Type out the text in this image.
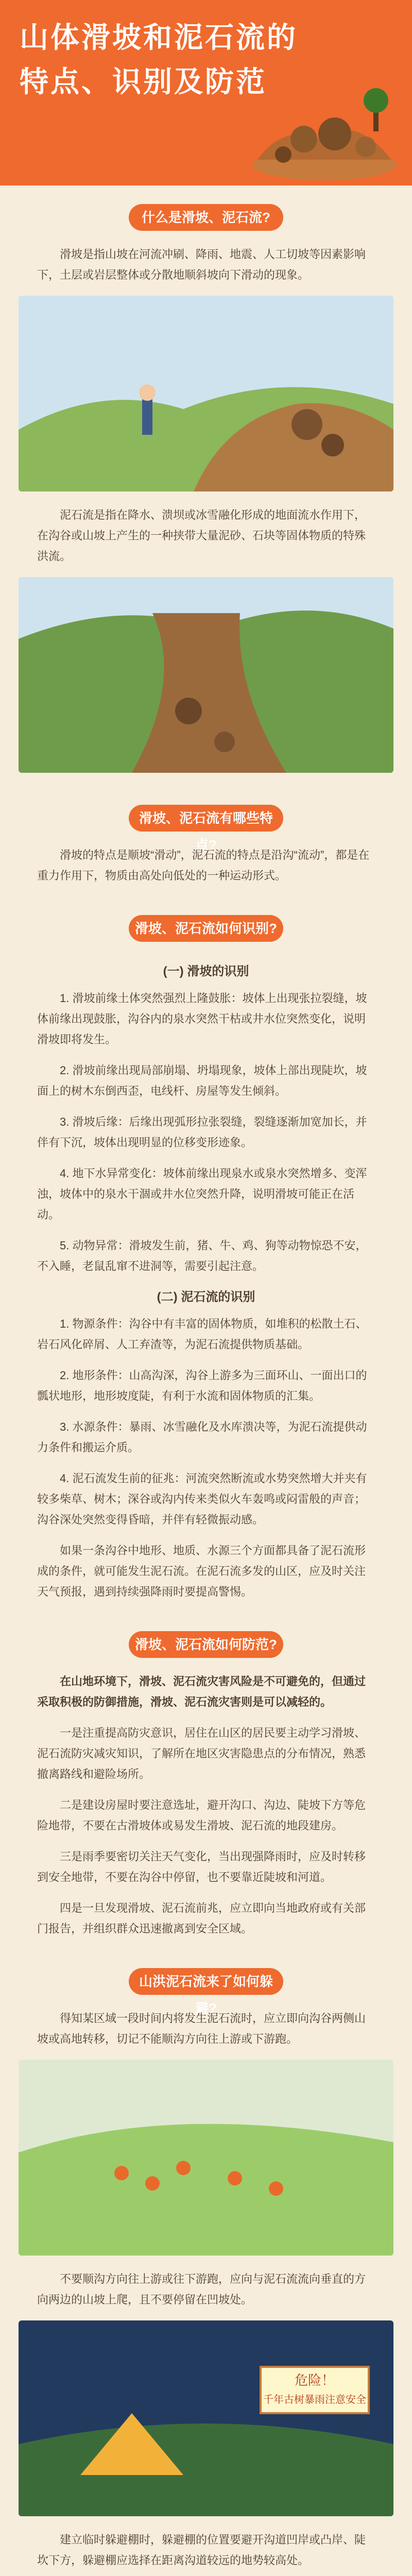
山体滑坡和泥石流的
特点、识别及防范
什么是滑坡、泥石流?

滑坡是指山坡在河流冲刷、降雨、地震、人工切坡等因素影响下，土层或岩层整体或分散地顺斜坡向下滑动的现象。

泥石流是指在降水、溃坝或冰雪融化形成的地面流水作用下，在沟谷或山坡上产生的一种挟带大量泥砂、石块等固体物质的特殊洪流。

滑坡、泥石流有哪些特点?

滑坡的特点是顺坡“滑动”，泥石流的特点是沿沟“流动”，都是在重力作用下，物质由高处向低处的一种运动形式。

滑坡、泥石流如何识别?
(一) 滑坡的识别

1. 滑坡前缘土体突然强烈上隆鼓胀：坡体上出现张拉裂缝，坡体前缘出现鼓胀，沟谷内的泉水突然干枯或井水位突然变化，说明滑坡即将发生。

2. 滑坡前缘出现局部崩塌、坍塌现象，坡体上部出现陡坎，坡面上的树木东倒西歪，电线杆、房屋等发生倾斜。

3. 滑坡后缘：后缘出现弧形拉张裂缝，裂缝逐渐加宽加长，并伴有下沉，坡体出现明显的位移变形迹象。

4. 地下水异常变化：坡体前缘出现泉水或泉水突然增多、变浑浊，坡体中的泉水干涸或井水位突然升降，说明滑坡可能正在活动。

5. 动物异常：滑坡发生前，猪、牛、鸡、狗等动物惊恐不安，不入睡，老鼠乱窜不进洞等，需要引起注意。

(二) 泥石流的识别

1. 物源条件：沟谷中有丰富的固体物质，如堆积的松散土石、岩石风化碎屑、人工弃渣等，为泥石流提供物质基础。

2. 地形条件：山高沟深，沟谷上游多为三面环山、一面出口的瓢状地形，地形坡度陡，有利于水流和固体物质的汇集。

3. 水源条件：暴雨、冰雪融化及水库溃决等，为泥石流提供动力条件和搬运介质。

4. 泥石流发生前的征兆：河流突然断流或水势突然增大并夹有较多柴草、树木；深谷或沟内传来类似火车轰鸣或闷雷般的声音；沟谷深处突然变得昏暗，并伴有轻微振动感。

如果一条沟谷中地形、地质、水源三个方面都具备了泥石流形成的条件，就可能发生泥石流。在泥石流多发的山区，应及时关注天气预报，遇到持续强降雨时要提高警惕。

滑坡、泥石流如何防范?

在山地环境下，滑坡、泥石流灾害风险是不可避免的，但通过采取积极的防御措施，滑坡、泥石流灾害则是可以减轻的。

一是注重提高防灾意识，居住在山区的居民要主动学习滑坡、泥石流防灾减灾知识，了解所在地区灾害隐患点的分布情况，熟悉撤离路线和避险场所。

二是建设房屋时要注意选址，避开沟口、沟边、陡坡下方等危险地带，不要在古滑坡体或易发生滑坡、泥石流的地段建房。

三是雨季要密切关注天气变化，当出现强降雨时，应及时转移到安全地带，不要在沟谷中停留，也不要靠近陡坡和河道。

四是一旦发现滑坡、泥石流前兆，应立即向当地政府或有关部门报告，并组织群众迅速撤离到安全区域。

山洪泥石流来了如何躲避?

得知某区域一段时间内将发生泥石流时，应立即向沟谷两侧山坡或高地转移，切记不能顺沟方向往上游或下游跑。

不要顺沟方向往上游或往下游跑，应向与泥石流流向垂直的方向两边的山坡上爬，且不要停留在凹坡处。

危险！
千年古树暴雨注意安全

建立临时躲避棚时，躲避棚的位置要避开沟道凹岸或凸岸、陡坎下方，躲避棚应选择在距离沟道较远的地势较高处。
